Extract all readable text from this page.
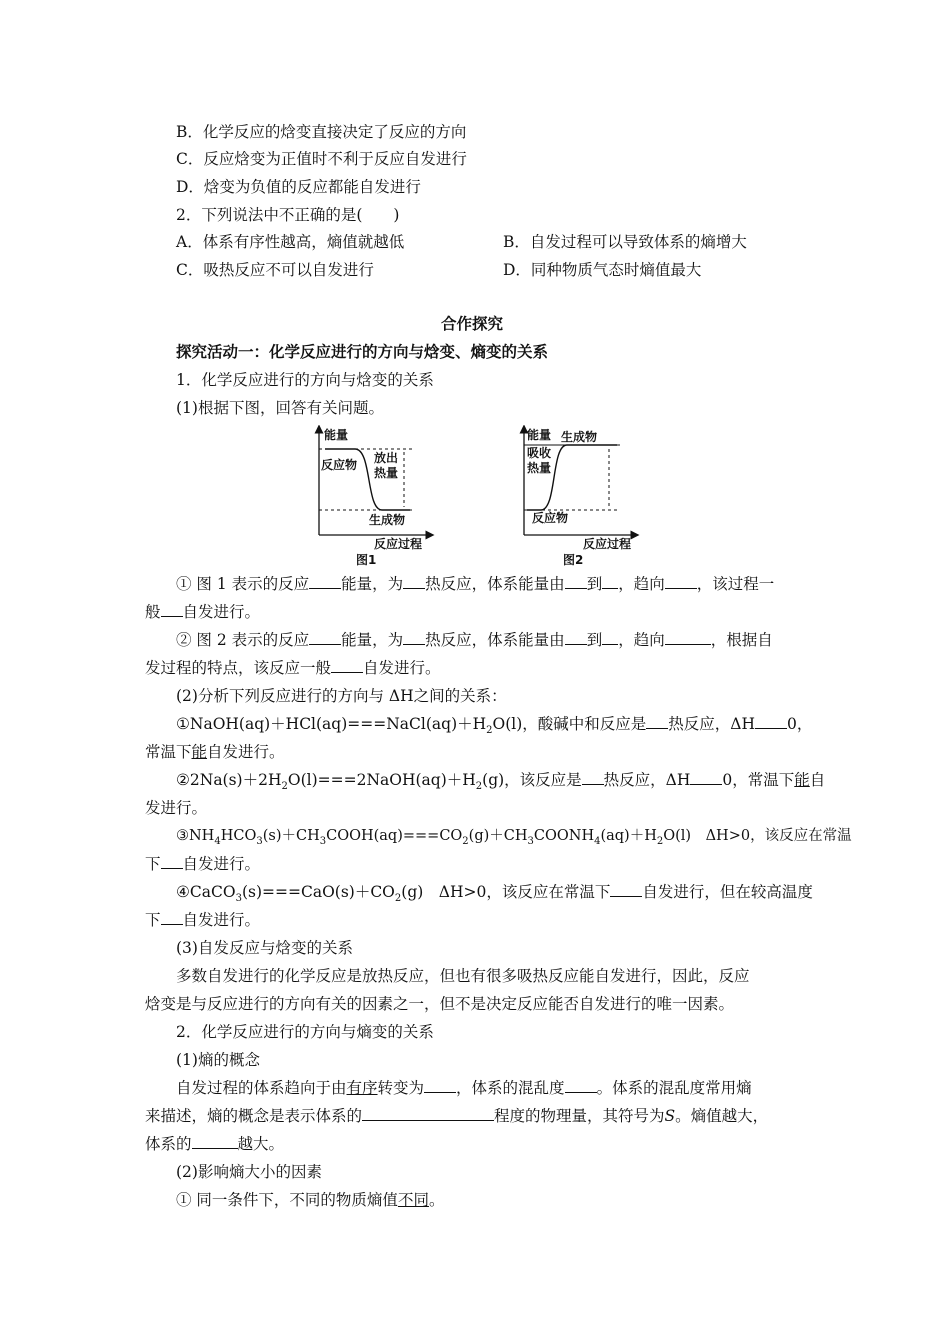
B．化学反应的焓变直接决定了反应的方向
C．反应焓变为正值时不利于反应自发进行
D．焓变为负值的反应都能自发进行
2．下列说法中不正确的是(　　)
A．体系有序性越高，熵值就越低	B．自发过程可以导致体系的熵增大
C．吸热反应不可以自发进行	D．同种物质气态时熵值最大
合作探究
探究活动一：化学反应进行的方向与焓变、熵变的关系
1．化学反应进行的方向与焓变的关系
(1)根据下图，回答有关问题。
能量
反应物 放出
热量
生成物
反应过程
图1
能量 生成物
吸收
热量
反应物
反应过程
图2
① 图 1 表示的反应 能量，为 热反应，体系能量由 到 ，趋向 ，该过程一
般 自发进行。
② 图 2 表示的反应 能量，为 热反应，体系能量由 到 ，趋向	，根据自
发过程的特点，该反应一般 自发进行。
(2)分析下列反应进行的方向与 ΔH之间的关系：
$①NaOH(aq)+HCl(aq)===NaCl(aq)+H_2O(l)$，酸碱中和反应是 热反应，ΔH 0，
常温下能自发进行。
$②2Na(s)+2H_2O(l)===2NaOH(aq)+H_2(g)$，该反应是 热反应，ΔH 0，常温下能自
发进行。
$③NH_4HCO_3(s)+CH_3COOH(aq)===CO_2(g)+CH_3COONH_4(aq)+H_2O(l)$　ΔH>0，该反应在常温
下 自发进行。
$④CaCO_3(s)===CaO(s)+CO_2(g)$　ΔH>0，该反应在常温下 自发进行，但在较高温度
下 自发进行。
(3)自发反应与焓变的关系
多数自发进行的化学反应是放热反应，但也有很多吸热反应能自发进行，因此，反应
焓变是与反应进行的方向有关的因素之一，但不是决定反应能否自发进行的唯一因素。
2．化学反应进行的方向与熵变的关系
(1)熵的概念
自发过程的体系趋向于由有序转变为 ，体系的混乱度 。体系的混乱度常用熵
来描述，熵的概念是表示体系的	程度的物理量，其符号为S。熵值越大，
体系的	越大。
(2)影响熵大小的因素
① 同一条件下，不同的物质熵值不同。
